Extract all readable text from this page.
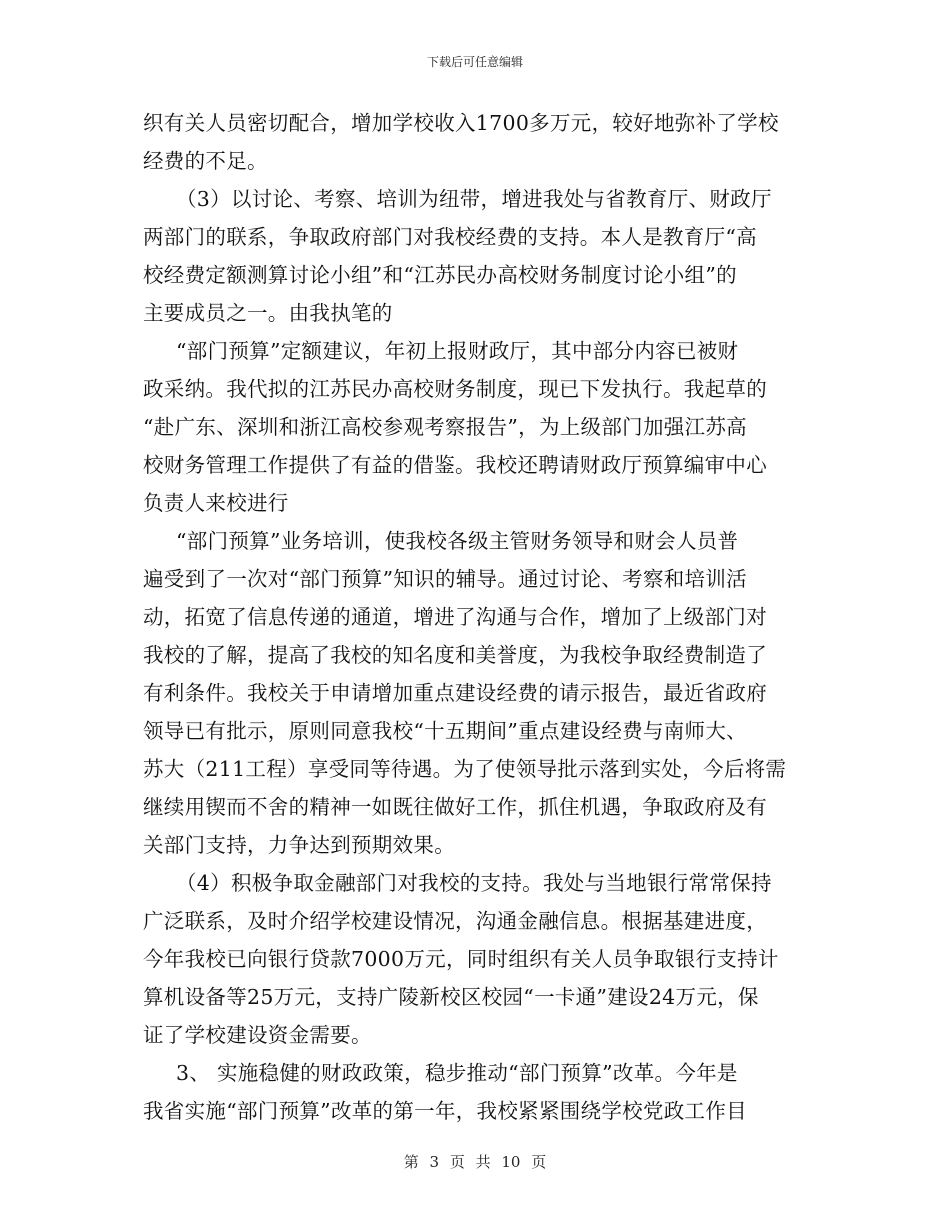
下载后可任意编辑
织有关人员密切配合，增加学校收入1700多万元，较好地弥补了学校
经费的不足。
（3）以讨论、考察、培训为纽带，增进我处与省教育厅、财政厅
两部门的联系，争取政府部门对我校经费的支持。本人是教育厅“高
校经费定额测算讨论小组”和“江苏民办高校财务制度讨论小组”的
主要成员之一。由我执笔的
“部门预算”定额建议，年初上报财政厅，其中部分内容已被财
政采纳。我代拟的江苏民办高校财务制度，现已下发执行。我起草的
“赴广东、深圳和浙江高校参观考察报告”，为上级部门加强江苏高
校财务管理工作提供了有益的借鉴。我校还聘请财政厅预算编审中心
负责人来校进行
“部门预算”业务培训，使我校各级主管财务领导和财会人员普
遍受到了一次对“部门预算”知识的辅导。通过讨论、考察和培训活
动，拓宽了信息传递的通道，增进了沟通与合作，增加了上级部门对
我校的了解，提高了我校的知名度和美誉度，为我校争取经费制造了
有利条件。我校关于申请增加重点建设经费的请示报告，最近省政府
领导已有批示，原则同意我校“十五期间”重点建设经费与南师大、
苏大（211工程）享受同等待遇。为了使领导批示落到实处，今后将需
继续用锲而不舍的精神一如既往做好工作，抓住机遇，争取政府及有
关部门支持，力争达到预期效果。
（4）积极争取金融部门对我校的支持。我处与当地银行常常保持
广泛联系，及时介绍学校建设情况，沟通金融信息。根据基建进度，
今年我校已向银行贷款7000万元，同时组织有关人员争取银行支持计
算机设备等25万元，支持广陵新校区校园“一卡通”建设24万元，保
证了学校建设资金需要。
3、 实施稳健的财政政策，稳步推动“部门预算”改革。今年是
我省实施“部门预算”改革的第一年，我校紧紧围绕学校党政工作目
第 3 页 共 10 页
